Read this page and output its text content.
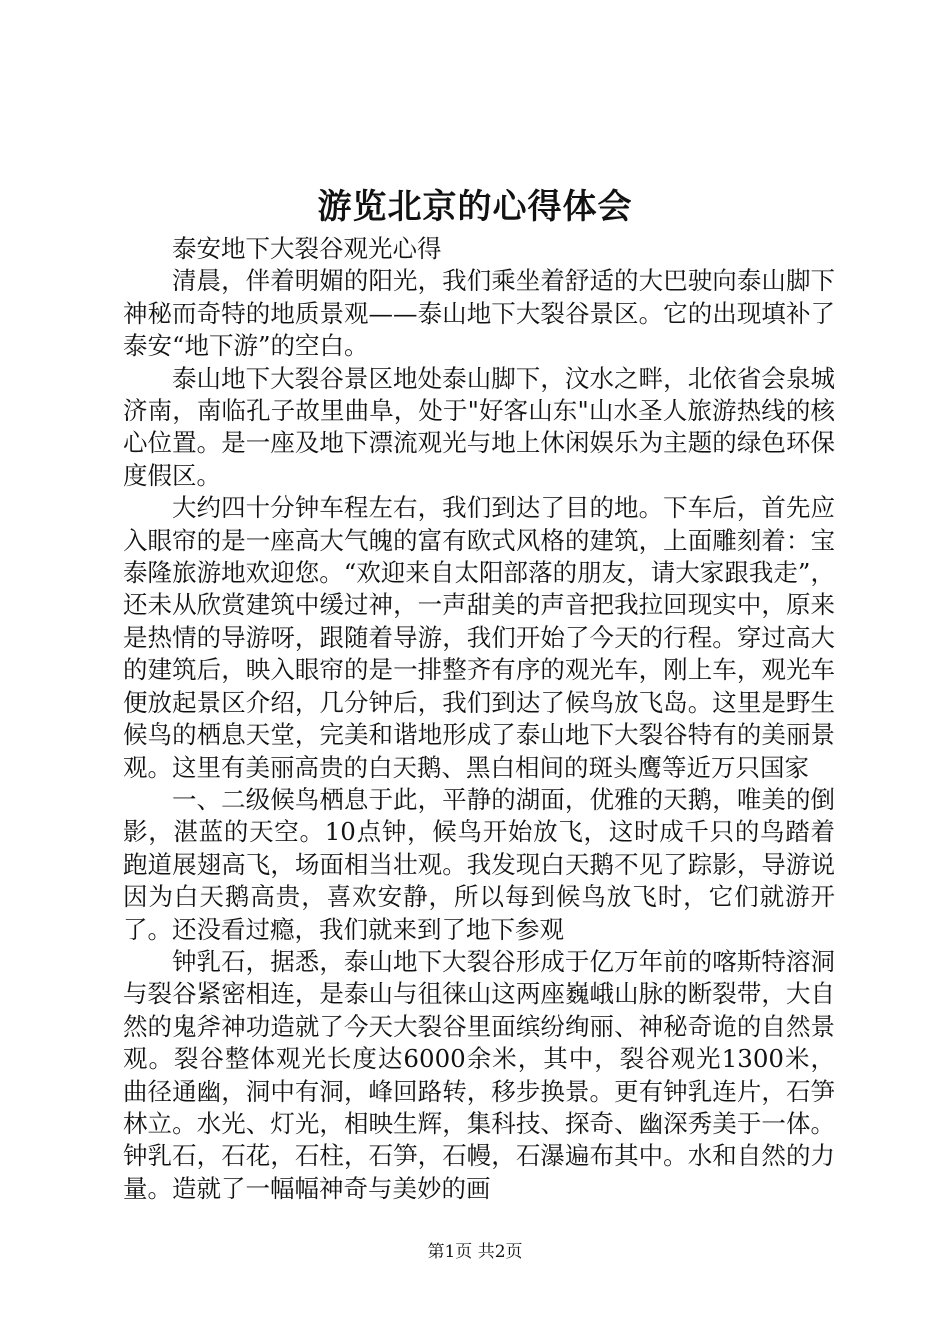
游览北京的心得体会

泰安地下大裂谷观光心得

清晨，伴着明媚的阳光，我们乘坐着舒适的大巴驶向泰山脚下神秘而奇特的地质景观——泰山地下大裂谷景区。它的出现填补了泰安“地下游”的空白。

泰山地下大裂谷景区地处泰山脚下，汶水之畔，北依省会泉城济南，南临孔子故里曲阜，处于"好客山东"山水圣人旅游热线的核心位置。是一座及地下漂流观光与地上休闲娱乐为主题的绿色环保度假区。

大约四十分钟车程左右，我们到达了目的地。下车后，首先应入眼帘的是一座高大气魄的富有欧式风格的建筑，上面雕刻着：宝泰隆旅游地欢迎您。“欢迎来自太阳部落的朋友，请大家跟我走”，还未从欣赏建筑中缓过神，一声甜美的声音把我拉回现实中，原来是热情的导游呀，跟随着导游，我们开始了今天的行程。穿过高大的建筑后，映入眼帘的是一排整齐有序的观光车，刚上车，观光车便放起景区介绍，几分钟后，我们到达了候鸟放飞岛。这里是野生候鸟的栖息天堂，完美和谐地形成了泰山地下大裂谷特有的美丽景观。这里有美丽高贵的白天鹅、黑白相间的斑头鹰等近万只国家

一、二级候鸟栖息于此，平静的湖面，优雅的天鹅，唯美的倒影，湛蓝的天空。10点钟，候鸟开始放飞，这时成千只的鸟踏着跑道展翅高飞，场面相当壮观。我发现白天鹅不见了踪影，导游说因为白天鹅高贵，喜欢安静，所以每到候鸟放飞时，它们就游开了。还没看过瘾，我们就来到了地下参观

钟乳石，据悉，泰山地下大裂谷形成于亿万年前的喀斯特溶洞与裂谷紧密相连，是泰山与徂徕山这两座巍峨山脉的断裂带，大自然的鬼斧神功造就了今天大裂谷里面缤纷绚丽、神秘奇诡的自然景观。裂谷整体观光长度达6000余米，其中，裂谷观光1300米，曲径通幽，洞中有洞，峰回路转，移步换景。更有钟乳连片，石笋林立。水光、灯光，相映生辉，集科技、探奇、幽深秀美于一体。钟乳石，石花，石柱，石笋，石幔，石瀑遍布其中。水和自然的力量。造就了一幅幅神奇与美妙的画

第1页 共2页
